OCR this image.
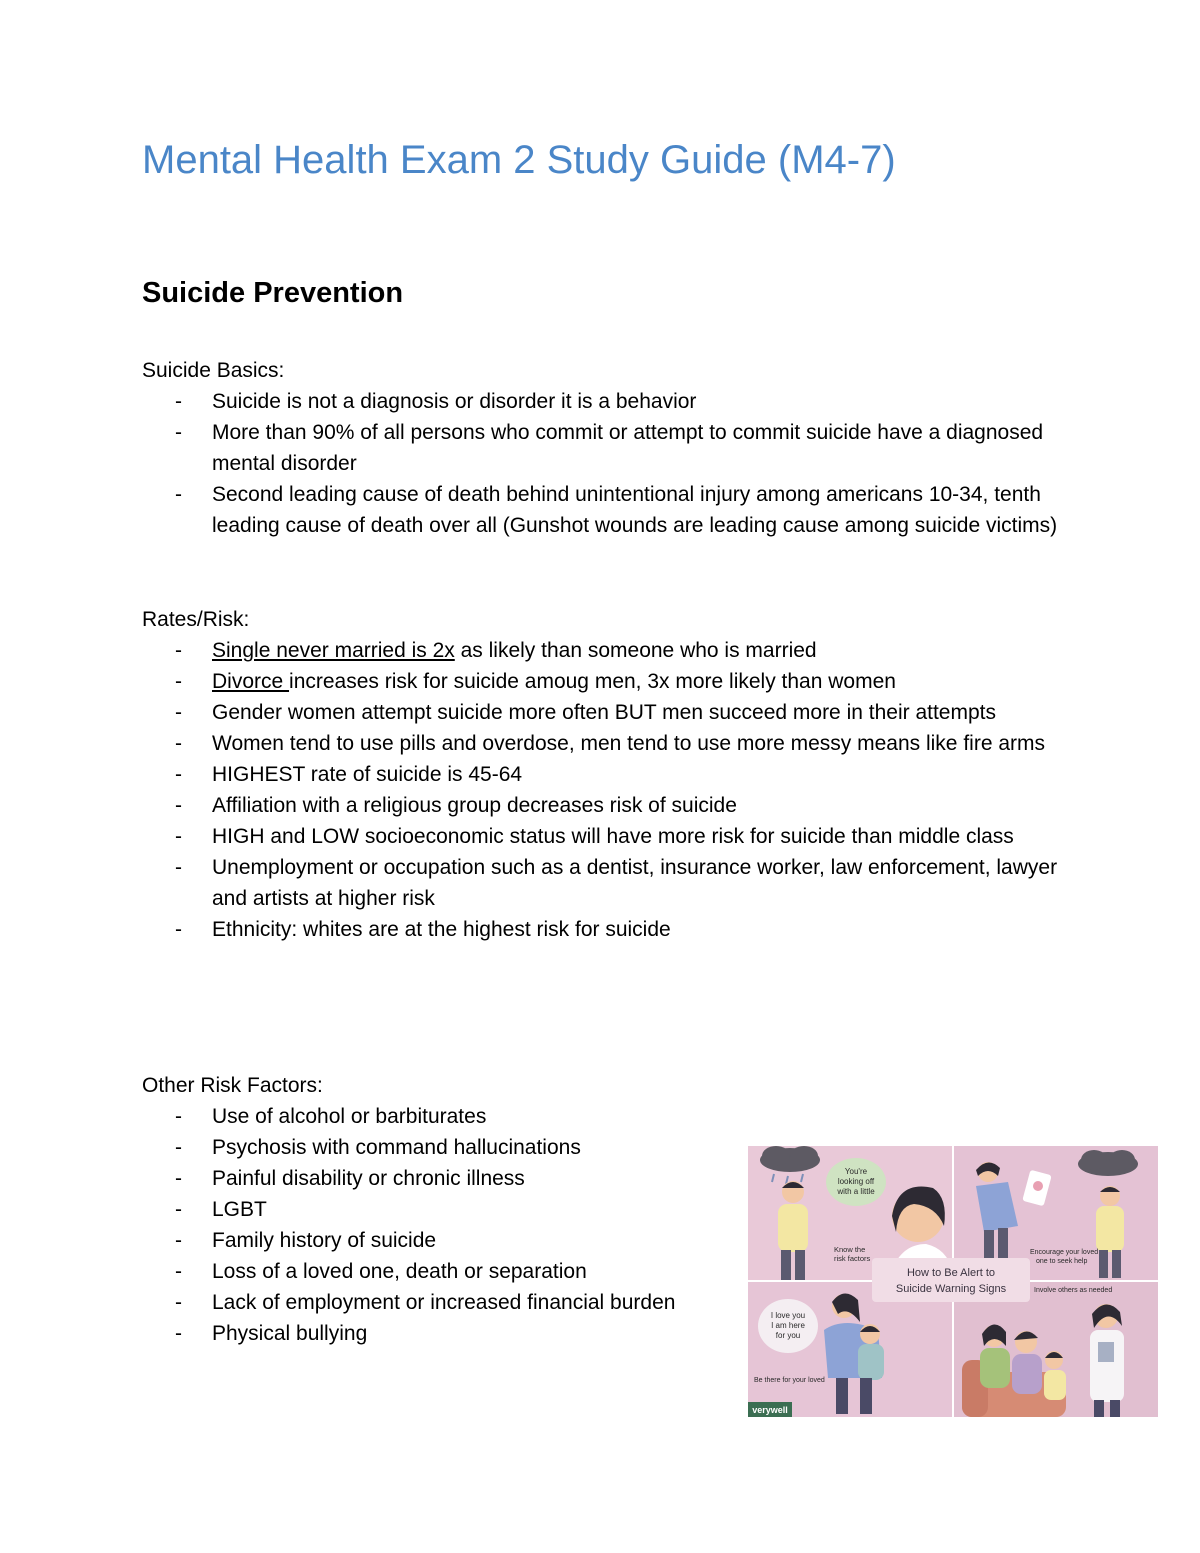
Mental Health Exam 2 Study Guide (M4-7)
Suicide Prevention

Suicide Basics:

- Suicide is not a diagnosis or disorder it is a behavior
- More than 90% of all persons who commit or attempt to commit suicide have a diagnosed mental disorder
- Second leading cause of death behind unintentional injury among americans 10-34, tenth leading cause of death over all (Gunshot wounds are leading cause among suicide victims)

Rates/Risk:

- Single never married is 2x as likely than someone who is married
- Divorce increases risk for suicide amoug men, 3x more likely than women
- Gender women attempt suicide more often BUT men succeed more in their attempts
- Women tend to use pills and overdose, men tend to use more messy means like fire arms
- HIGHEST rate of suicide is 45-64
- Affiliation with a religious group decreases risk of suicide
- HIGH and LOW socioeconomic status will have more risk for suicide than middle class
- Unemployment or occupation such as a dentist, insurance worker, law enforcement, lawyer and artists at higher risk
- Ethnicity: whites are at the highest risk for suicide

Other Risk Factors:

- Use of alcohol or barbiturates
- Psychosis with command hallucinations
- Painful disability or chronic illness
- LGBT
- Family history of suicide
- Loss of a loved one, death or separation
- Lack of employment or increased financial burden
- Physical bullying
You're
looking off
with a little
Know the
risk factors
Encourage your loved
one to seek help
How to Be Alert to
Suicide Warning Signs
I love you
I am here
for you
Be there for your loved
verywell
Involve others as needed
